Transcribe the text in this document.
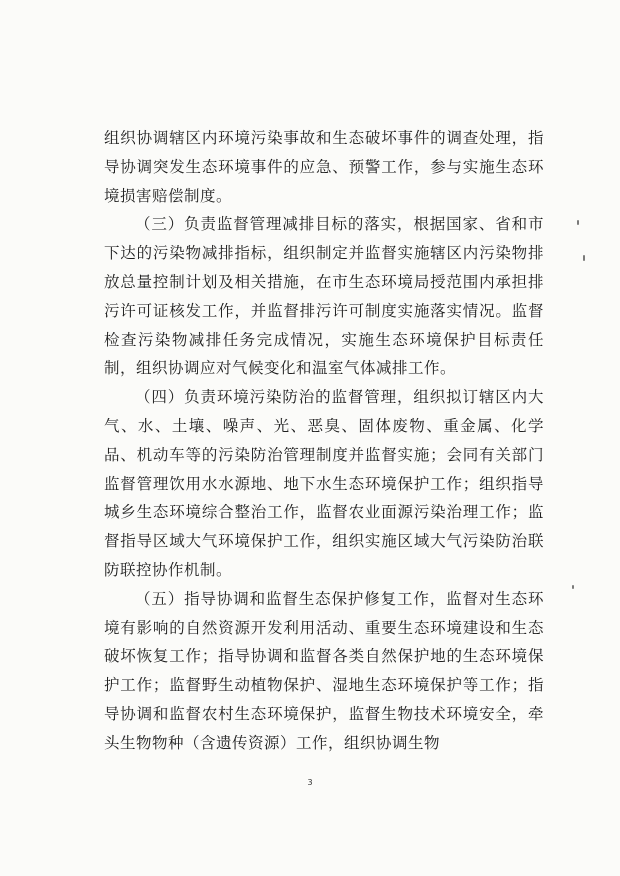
组织协调辖区内环境污染事故和生态破坏事件的调查处理，指导协调突发生态环境事件的应急、预警工作，参与实施生态环境损害赔偿制度。

（三）负责监督管理减排目标的落实，根据国家、省和市下达的污染物减排指标，组织制定并监督实施辖区内污染物排放总量控制计划及相关措施，在市生态环境局授范围内承担排污许可证核发工作，并监督排污许可制度实施落实情况。监督检查污染物减排任务完成情况，实施生态环境保护目标责任制，组织协调应对气候变化和温室气体减排工作。

（四）负责环境污染防治的监督管理，组织拟订辖区内大气、水、土壤、噪声、光、恶臭、固体废物、重金属、化学品、机动车等的污染防治管理制度并监督实施；会同有关部门监督管理饮用水水源地、地下水生态环境保护工作；组织指导城乡生态环境综合整治工作，监督农业面源污染治理工作；监督指导区域大气环境保护工作，组织实施区域大气污染防治联防联控协作机制。

（五）指导协调和监督生态保护修复工作，监督对生态环境有影响的自然资源开发利用活动、重要生态环境建设和生态破坏恢复工作；指导协调和监督各类自然保护地的生态环境保护工作；监督野生动植物保护、湿地生态环境保护等工作；指导协调和监督农村生态环境保护，监督生物技术环境安全，牵头生物物种（含遗传资源）工作，组织协调生物

3
